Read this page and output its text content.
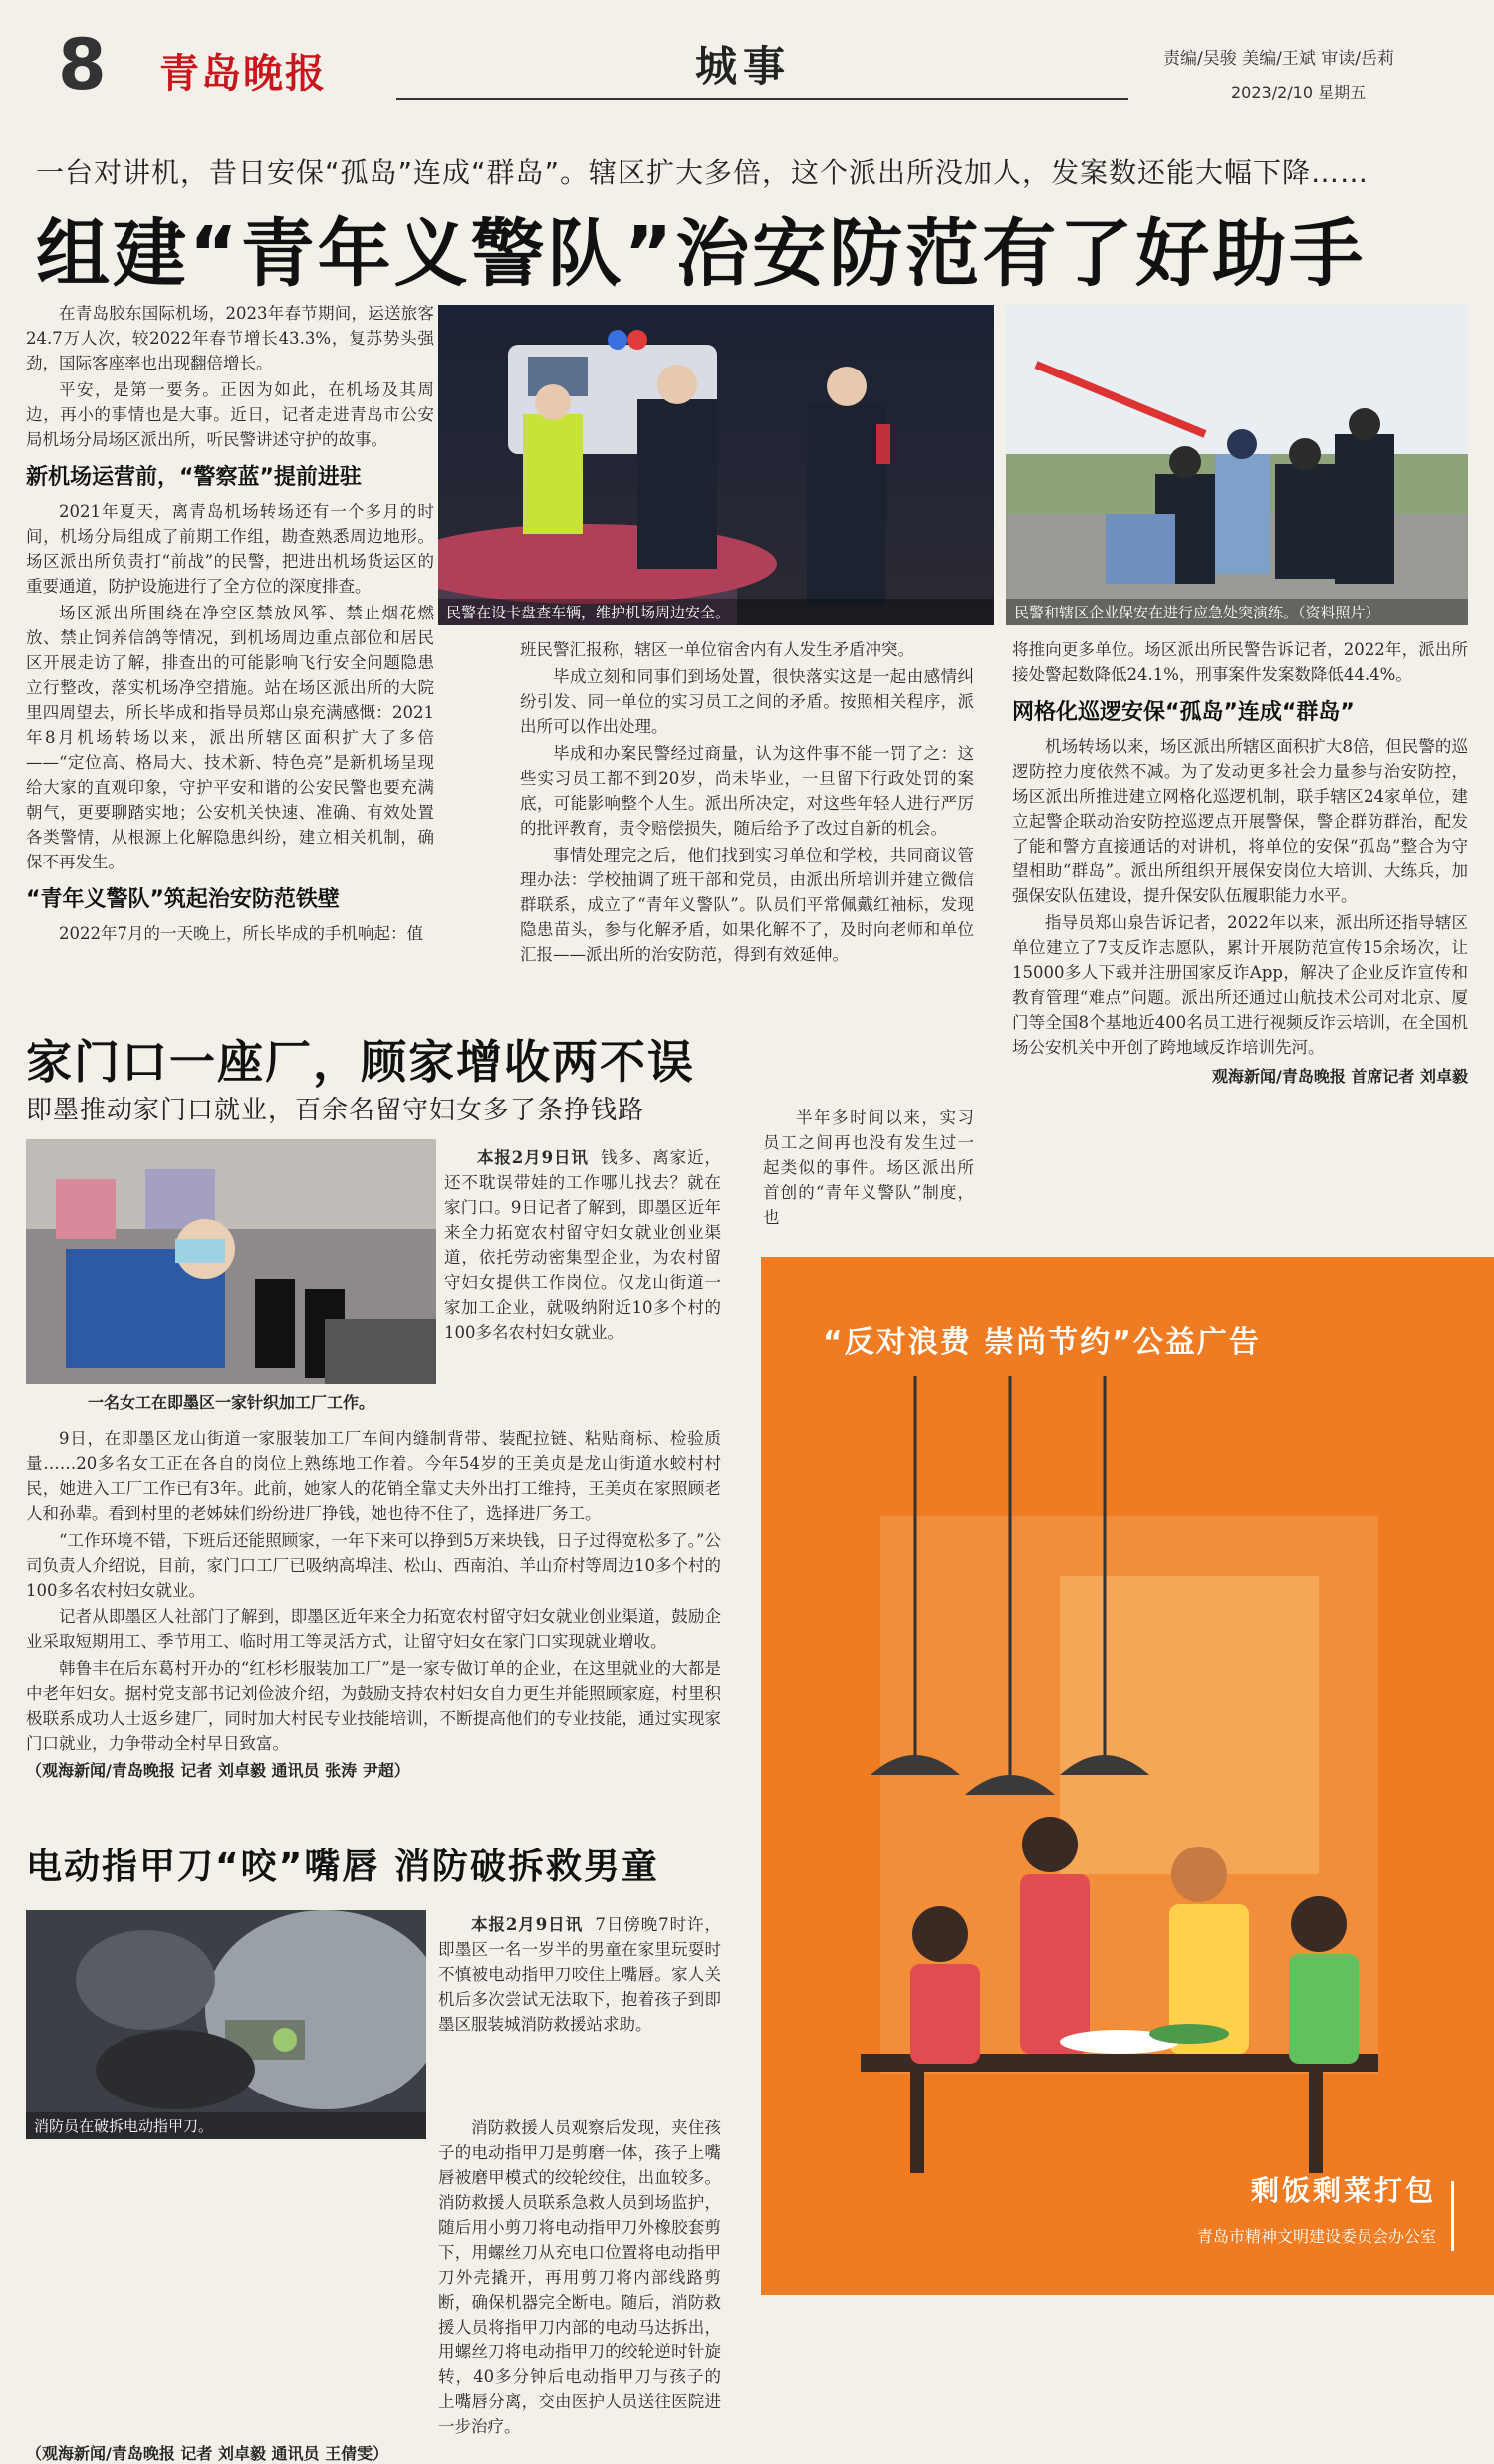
8 青岛晚报	城事	责编/吴骏 美编/王斌 审读/岳莉
2023/2/10 星期五
一台对讲机，昔日安保“孤岛”连成“群岛”。辖区扩大多倍，这个派出所没加人，发案数还能大幅下降……
组建“青年义警队”治安防范有了好助手

在青岛胶东国际机场，2023年春节期间，运送旅客24.7万人次，较2022年春节增长43.3%，复苏势头强劲，国际客座率也出现翻倍增长。

平安，是第一要务。正因为如此，在机场及其周边，再小的事情也是大事。近日，记者走进青岛市公安局机场分局场区派出所，听民警讲述守护的故事。

新机场运营前，“警察蓝”提前进驻

2021年夏天，离青岛机场转场还有一个多月的时间，机场分局组成了前期工作组，勘查熟悉周边地形。场区派出所负责打“前战”的民警，把进出机场货运区的重要通道，防护设施进行了全方位的深度排查。

场区派出所围绕在净空区禁放风筝、禁止烟花燃放、禁止饲养信鸽等情况，到机场周边重点部位和居民区开展走访了解，排查出的可能影响飞行安全问题隐患立行整改，落实机场净空措施。站在场区派出所的大院里四周望去，所长毕成和指导员郑山泉充满感慨：2021年8月机场转场以来，派出所辖区面积扩大了多倍——“定位高、格局大、技术新、特色亮”是新机场呈现给大家的直观印象，守护平安和谐的公安民警也要充满朝气，更要聊踏实地；公安机关快速、准确、有效处置各类警情，从根源上化解隐患纠纷，建立相关机制，确保不再发生。

“青年义警队”筑起治安防范铁壁

2022年7月的一天晚上，所长毕成的手机响起：值

民警在设卡盘查车辆，维护机场周边安全。	民警和辖区企业保安在进行应急处突演练。（资料照片）

班民警汇报称，辖区一单位宿舍内有人发生矛盾冲突。

毕成立刻和同事们到场处置，很快落实这是一起由感情纠纷引发、同一单位的实习员工之间的矛盾。按照相关程序，派出所可以作出处理。

毕成和办案民警经过商量，认为这件事不能一罚了之：这些实习员工都不到20岁，尚未毕业，一旦留下行政处罚的案底，可能影响整个人生。派出所决定，对这些年轻人进行严厉的批评教育，责令赔偿损失，随后给予了改过自新的机会。

事情处理完之后，他们找到实习单位和学校，共同商议管理办法：学校抽调了班干部和党员，由派出所培训并建立微信群联系，成立了“青年义警队”。队员们平常佩戴红袖标，发现隐患苗头，参与化解矛盾，如果化解不了，及时向老师和单位汇报——派出所的治安防范，得到有效延伸。

半年多时间以来，实习员工之间再也没有发生过一起类似的事件。场区派出所首创的“青年义警队”制度，也

将推向更多单位。场区派出所民警告诉记者，2022年，派出所接处警起数降低24.1%，刑事案件发案数降低44.4%。

网格化巡逻安保“孤岛”连成“群岛”

机场转场以来，场区派出所辖区面积扩大8倍，但民警的巡逻防控力度依然不减。为了发动更多社会力量参与治安防控，场区派出所推进建立网格化巡逻机制，联手辖区24家单位，建立起警企联动治安防控巡逻点开展警保，警企群防群治，配发了能和警方直接通话的对讲机，将单位的安保“孤岛”整合为守望相助“群岛”。派出所组织开展保安岗位大培训、大练兵，加强保安队伍建设，提升保安队伍履职能力水平。

指导员郑山泉告诉记者，2022年以来，派出所还指导辖区单位建立了7支反诈志愿队，累计开展防范宣传15余场次，让15000多人下载并注册国家反诈App，解决了企业反诈宣传和教育管理“难点”问题。派出所还通过山航技术公司对北京、厦门等全国8个基地近400名员工进行视频反诈云培训，在全国机场公安机关中开创了跨地域反诈培训先河。

观海新闻/青岛晚报 首席记者 刘卓毅
家门口一座厂，顾家增收两不误
即墨推动家门口就业，百余名留守妇女多了条挣钱路
一名女工在即墨区一家针织加工厂工作。

本报2月9日讯 钱多、离家近，还不耽误带娃的工作哪儿找去？就在家门口。9日记者了解到，即墨区近年来全力拓宽农村留守妇女就业创业渠道，依托劳动密集型企业，为农村留守妇女提供工作岗位。仅龙山街道一家加工企业，就吸纳附近10多个村的100多名农村妇女就业。

9日，在即墨区龙山街道一家服装加工厂车间内缝制背带、装配拉链、粘贴商标、检验质量……20多名女工正在各自的岗位上熟练地工作着。今年54岁的王美贞是龙山街道水蛟村村民，她进入工厂工作已有3年。此前，她家人的花销全靠丈夫外出打工维持，王美贞在家照顾老人和孙辈。看到村里的老姊妹们纷纷进厂挣钱，她也待不住了，选择进厂务工。

“工作环境不错，下班后还能照顾家，一年下来可以挣到5万来块钱，日子过得宽松多了。”公司负责人介绍说，目前，家门口工厂已吸纳高埠洼、松山、西南泊、羊山夼村等周边10多个村的100多名农村妇女就业。

记者从即墨区人社部门了解到，即墨区近年来全力拓宽农村留守妇女就业创业渠道，鼓励企业采取短期用工、季节用工、临时用工等灵活方式，让留守妇女在家门口实现就业增收。

韩鲁丰在后东葛村开办的“红杉杉服装加工厂”是一家专做订单的企业，在这里就业的大都是中老年妇女。据村党支部书记刘俭波介绍，为鼓励支持农村妇女自力更生并能照顾家庭，村里积极联系成功人士返乡建厂，同时加大村民专业技能培训，不断提高他们的专业技能，通过实现家门口就业，力争带动全村早日致富。

（观海新闻/青岛晚报 记者 刘卓毅 通讯员 张涛 尹超）
电动指甲刀“咬”嘴唇 消防破拆救男童
消防员在破拆电动指甲刀。

本报2月9日讯 7日傍晚7时许，即墨区一名一岁半的男童在家里玩耍时不慎被电动指甲刀咬住上嘴唇。家人关机后多次尝试无法取下，抱着孩子到即墨区服装城消防救援站求助。

消防救援人员观察后发现，夹住孩子的电动指甲刀是剪磨一体，孩子上嘴唇被磨甲模式的绞轮绞住，出血较多。消防救援人员联系急救人员到场监护，随后用小剪刀将电动指甲刀外橡胶套剪下，用螺丝刀从充电口位置将电动指甲刀外壳撬开，再用剪刀将内部线路剪断，确保机器完全断电。随后，消防救援人员将指甲刀内部的电动马达拆出，用螺丝刀将电动指甲刀的绞轮逆时针旋转，40多分钟后电动指甲刀与孩子的上嘴唇分离，交由医护人员送往医院进一步治疗。

（观海新闻/青岛晚报 记者 刘卓毅 通讯员 王倩雯）
“反对浪费 崇尚节约”公益广告
剩饭剩菜打包
青岛市精神文明建设委员会办公室
